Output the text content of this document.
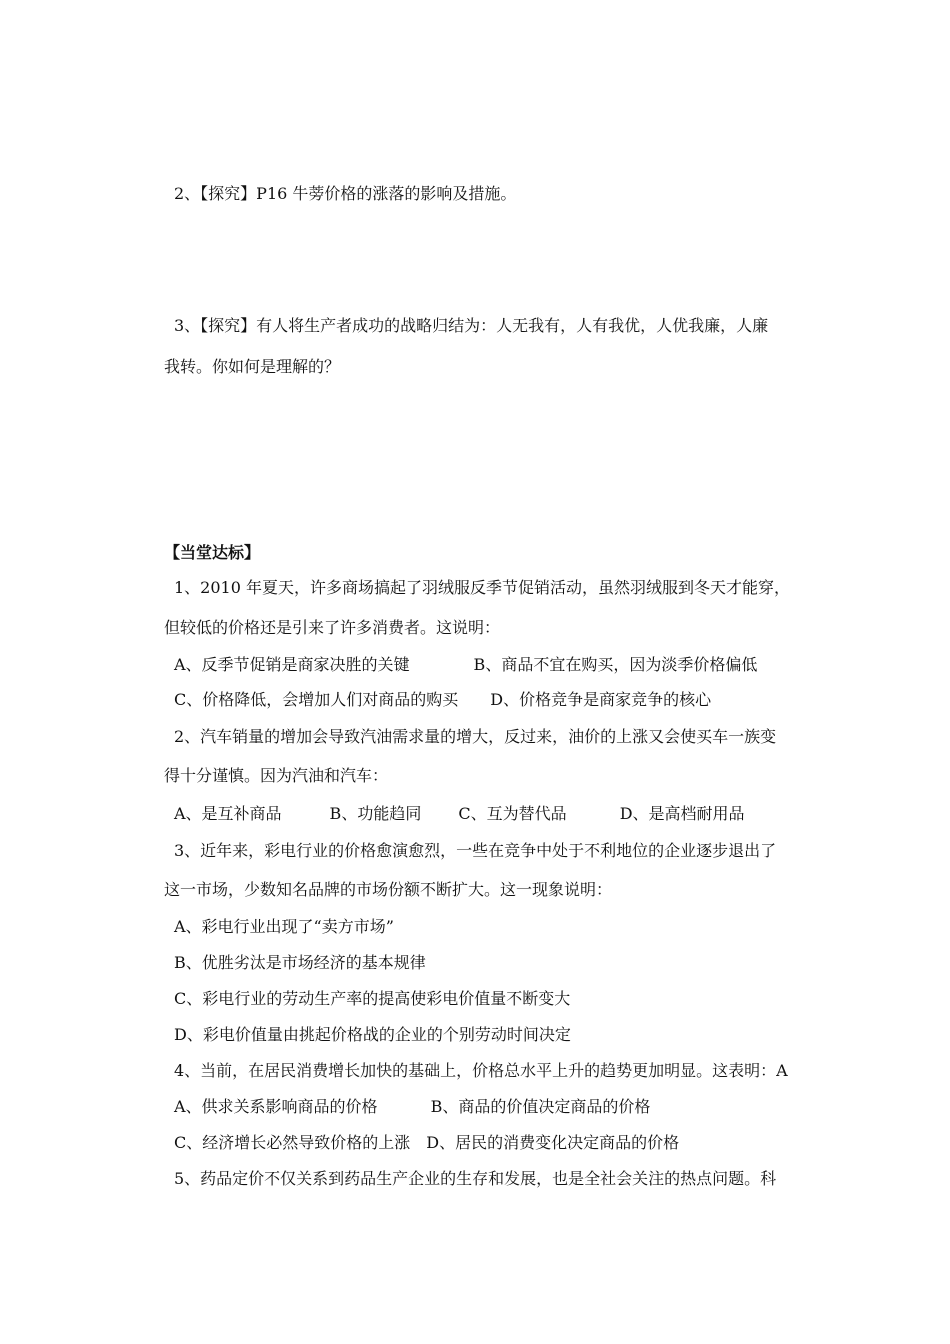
2、【探究】P16 牛蒡价格的涨落的影响及措施。
3、【探究】有人将生产者成功的战略归结为：人无我有，人有我优，人优我廉，人廉
我转。你如何是理解的？
【当堂达标】
1、2010 年夏天，许多商场搞起了羽绒服反季节促销活动，虽然羽绒服到冬天才能穿，
但较低的价格还是引来了许多消费者。这说明：
A、反季节促销是商家决胜的关键　　　　B、商品不宜在购买，因为淡季价格偏低
C、价格降低，会增加人们对商品的购买　　D、价格竞争是商家竞争的核心
2、汽车销量的增加会导致汽油需求量的增大，反过来，油价的上涨又会使买车一族变
得十分谨慎。因为汽油和汽车：
A、是互补商品　　　B、功能趋同　　 C、互为替代品　　　 D、是高档耐用品
3、近年来，彩电行业的价格愈演愈烈，一些在竞争中处于不利地位的企业逐步退出了
这一市场，少数知名品牌的市场份额不断扩大。这一现象说明：
A、彩电行业出现了“卖方市场”
B、优胜劣汰是市场经济的基本规律
C、彩电行业的劳动生产率的提高使彩电价值量不断变大
D、彩电价值量由挑起价格战的企业的个别劳动时间决定
4、当前，在居民消费增长加快的基础上，价格总水平上升的趋势更加明显。这表明：A
A、供求关系影响商品的价格　　　 B、商品的价值决定商品的价格
C、经济增长必然导致价格的上涨　D、居民的消费变化决定商品的价格
5、药品定价不仅关系到药品生产企业的生存和发展，也是全社会关注的热点问题。科
